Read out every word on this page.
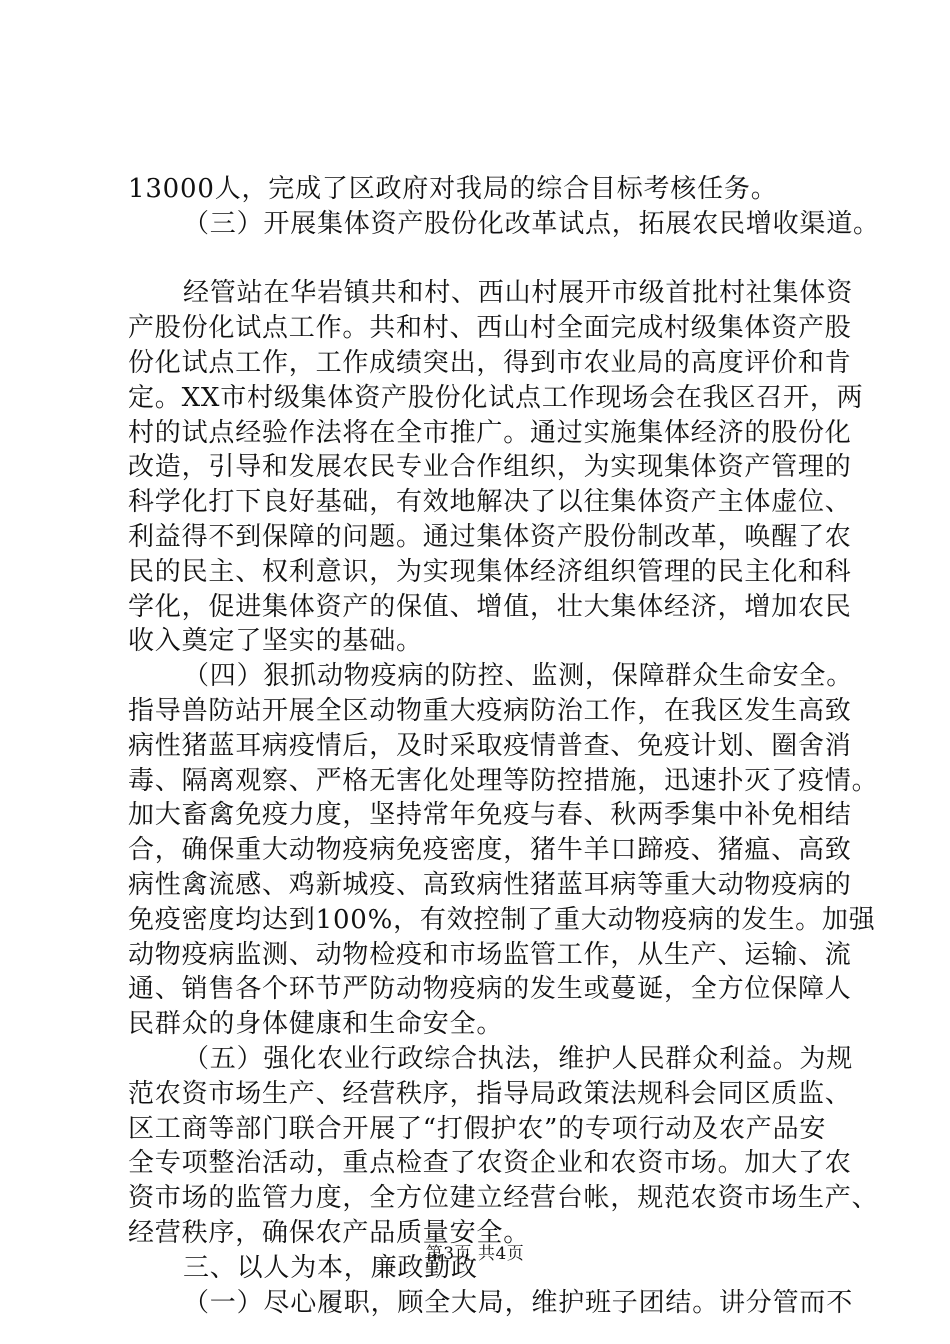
13000人，完成了区政府对我局的综合目标考核任务。
（三）开展集体资产股份化改革试点，拓展农民增收渠道。
经管站在华岩镇共和村、西山村展开市级首批村社集体资
产股份化试点工作。共和村、西山村全面完成村级集体资产股
份化试点工作，工作成绩突出，得到市农业局的高度评价和肯
定。XX市村级集体资产股份化试点工作现场会在我区召开，两
村的试点经验作法将在全市推广。通过实施集体经济的股份化
改造，引导和发展农民专业合作组织，为实现集体资产管理的
科学化打下良好基础，有效地解决了以往集体资产主体虚位、
利益得不到保障的问题。通过集体资产股份制改革，唤醒了农
民的民主、权利意识，为实现集体经济组织管理的民主化和科
学化，促进集体资产的保值、增值，壮大集体经济，增加农民
收入奠定了坚实的基础。
（四）狠抓动物疫病的防控、监测，保障群众生命安全。
指导兽防站开展全区动物重大疫病防治工作，在我区发生高致
病性猪蓝耳病疫情后，及时采取疫情普查、免疫计划、圈舍消
毒、隔离观察、严格无害化处理等防控措施，迅速扑灭了疫情。
加大畜禽免疫力度，坚持常年免疫与春、秋两季集中补免相结
合，确保重大动物疫病免疫密度，猪牛羊口蹄疫、猪瘟、高致
病性禽流感、鸡新城疫、高致病性猪蓝耳病等重大动物疫病的
免疫密度均达到100%，有效控制了重大动物疫病的发生。加强
动物疫病监测、动物检疫和市场监管工作，从生产、运输、流
通、销售各个环节严防动物疫病的发生或蔓诞，全方位保障人
民群众的身体健康和生命安全。
（五）强化农业行政综合执法，维护人民群众利益。为规
范农资市场生产、经营秩序，指导局政策法规科会同区质监、
区工商等部门联合开展了“打假护农”的专项行动及农产品安
全专项整治活动，重点检查了农资企业和农资市场。加大了农
资市场的监管力度，全方位建立经营台帐，规范农资市场生产、
经营秩序，确保农产品质量安全。
三、以人为本，廉政勤政
（一）尽心履职，顾全大局，维护班子团结。讲分管而不
第3页 共4页
